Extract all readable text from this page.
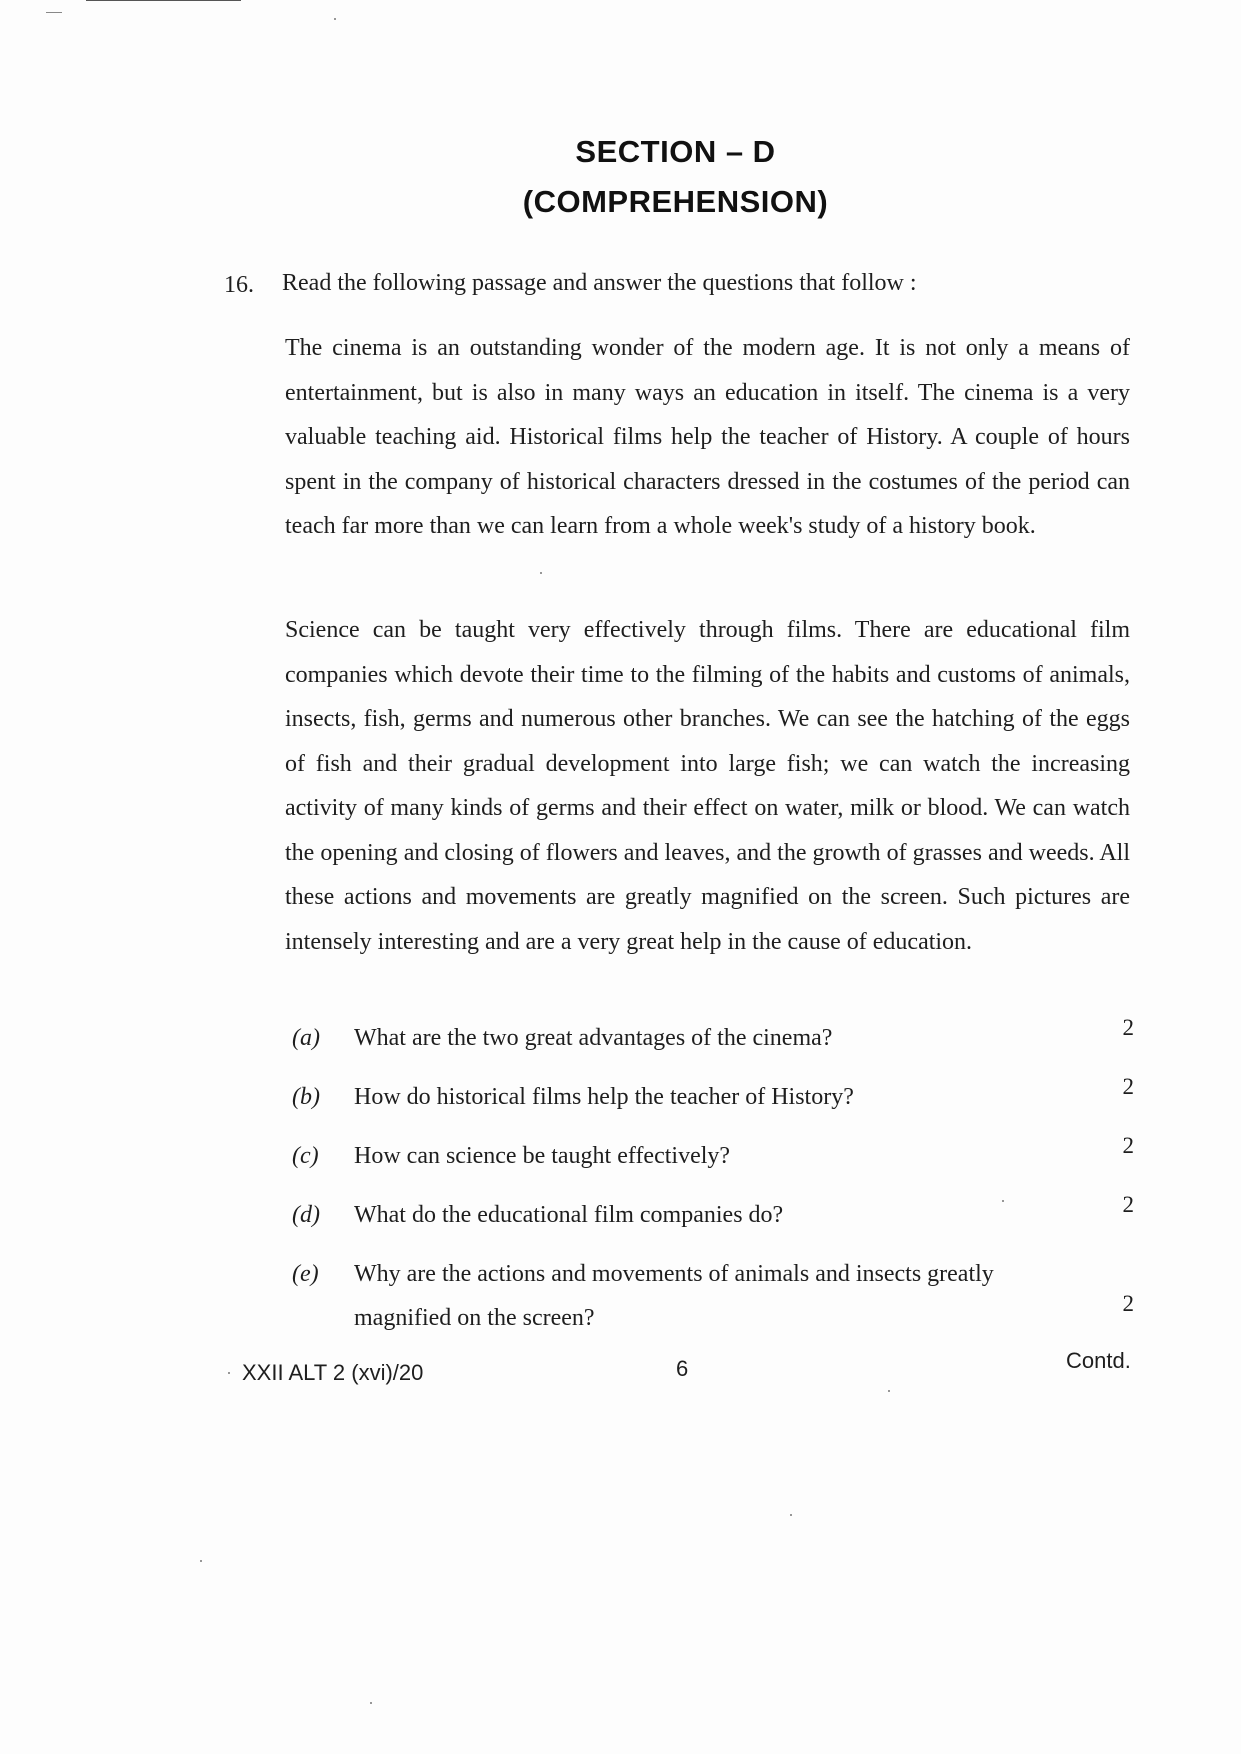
SECTION – D
(COMPREHENSION)
16. Read the following passage and answer the questions that follow :

The cinema is an outstanding wonder of the modern age. It is not only a means of entertainment, but is also in many ways an education in itself. The cinema is a very valuable teaching aid. Historical films help the teacher of History. A couple of hours spent in the company of historical characters dressed in the costumes of the period can teach far more than we can learn from a whole week's study of a history book.

Science can be taught very effectively through films. There are educational film companies which devote their time to the filming of the habits and customs of animals, insects, fish, germs and numerous other branches. We can see the hatching of the eggs of fish and their gradual development into large fish; we can watch the increasing activity of many kinds of germs and their effect on water, milk or blood. We can watch the opening and closing of flowers and leaves, and the growth of grasses and weeds. All these actions and movements are greatly magnified on the screen. Such pictures are intensely interesting and are a very great help in the cause of education.

(a) What are the two great advantages of the cinema?	2
(b) How do historical films help the teacher of History?	2
(c) How can science be taught effectively?	2
(d) What do the educational film companies do?	2
(e) Why are the actions and movements of animals and insects greatly magnified on the screen?
2
XXII ALT 2 (xvi)/20	6	Contd.
